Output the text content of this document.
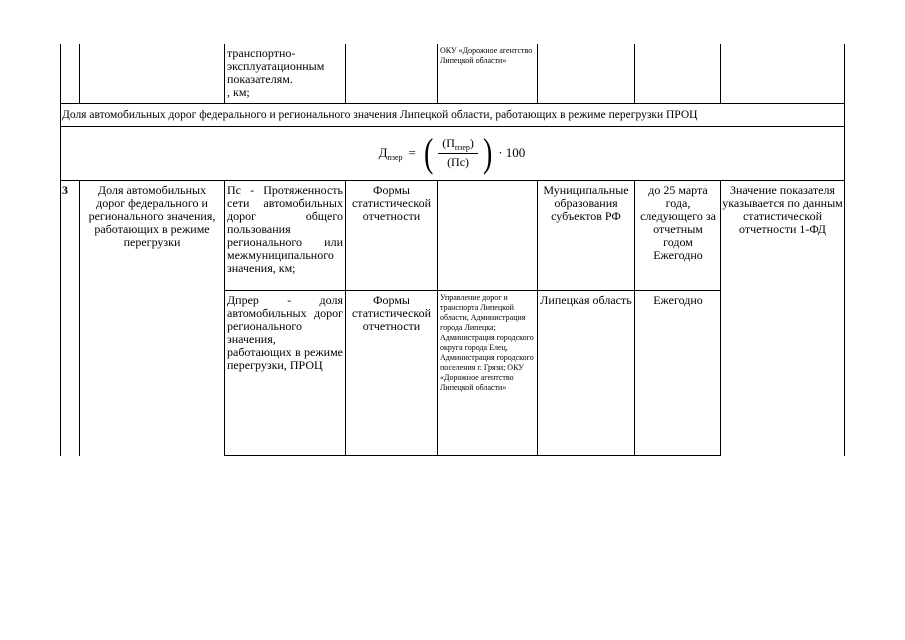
транспортно-эксплуатационным показателям.
, км;
ОКУ «Дорожное агентство Липецкой области»
Доля автомобильных дорог федерального и регионального значения Липецкой области, работающих в режиме перегрузки ПРОЦ
$Д_{пзер}$ = ( $\frac{(П_{пзер})}{(Пс)}$ ) · 100
3	Доля автомобильных дорог федерального и регионального значения, работающих в режиме перегрузки
Пс - Протяженность сети автомобильных дорог общего пользования регионального или межмуниципального значения, км;
Формы статистической отчетности
Муниципальные образования субъектов РФ
до 25 марта года, следующего за отчетным годом Ежегодно
Значение показателя указывается по данным статистической отчетности 1-ФД
Дпрер - доля автомобильных дорог регионального значения, работающих в режиме перегрузки, ПРОЦ
Формы статистической отчетности
Управление дорог и транспорта Липецкой области, Администрация города Липецка; Администрация городского округа города Елец, Администрация городского поселения г. Грязи; ОКУ «Дорожное агентство Липецкой области»
Липецкая область	Ежегодно
